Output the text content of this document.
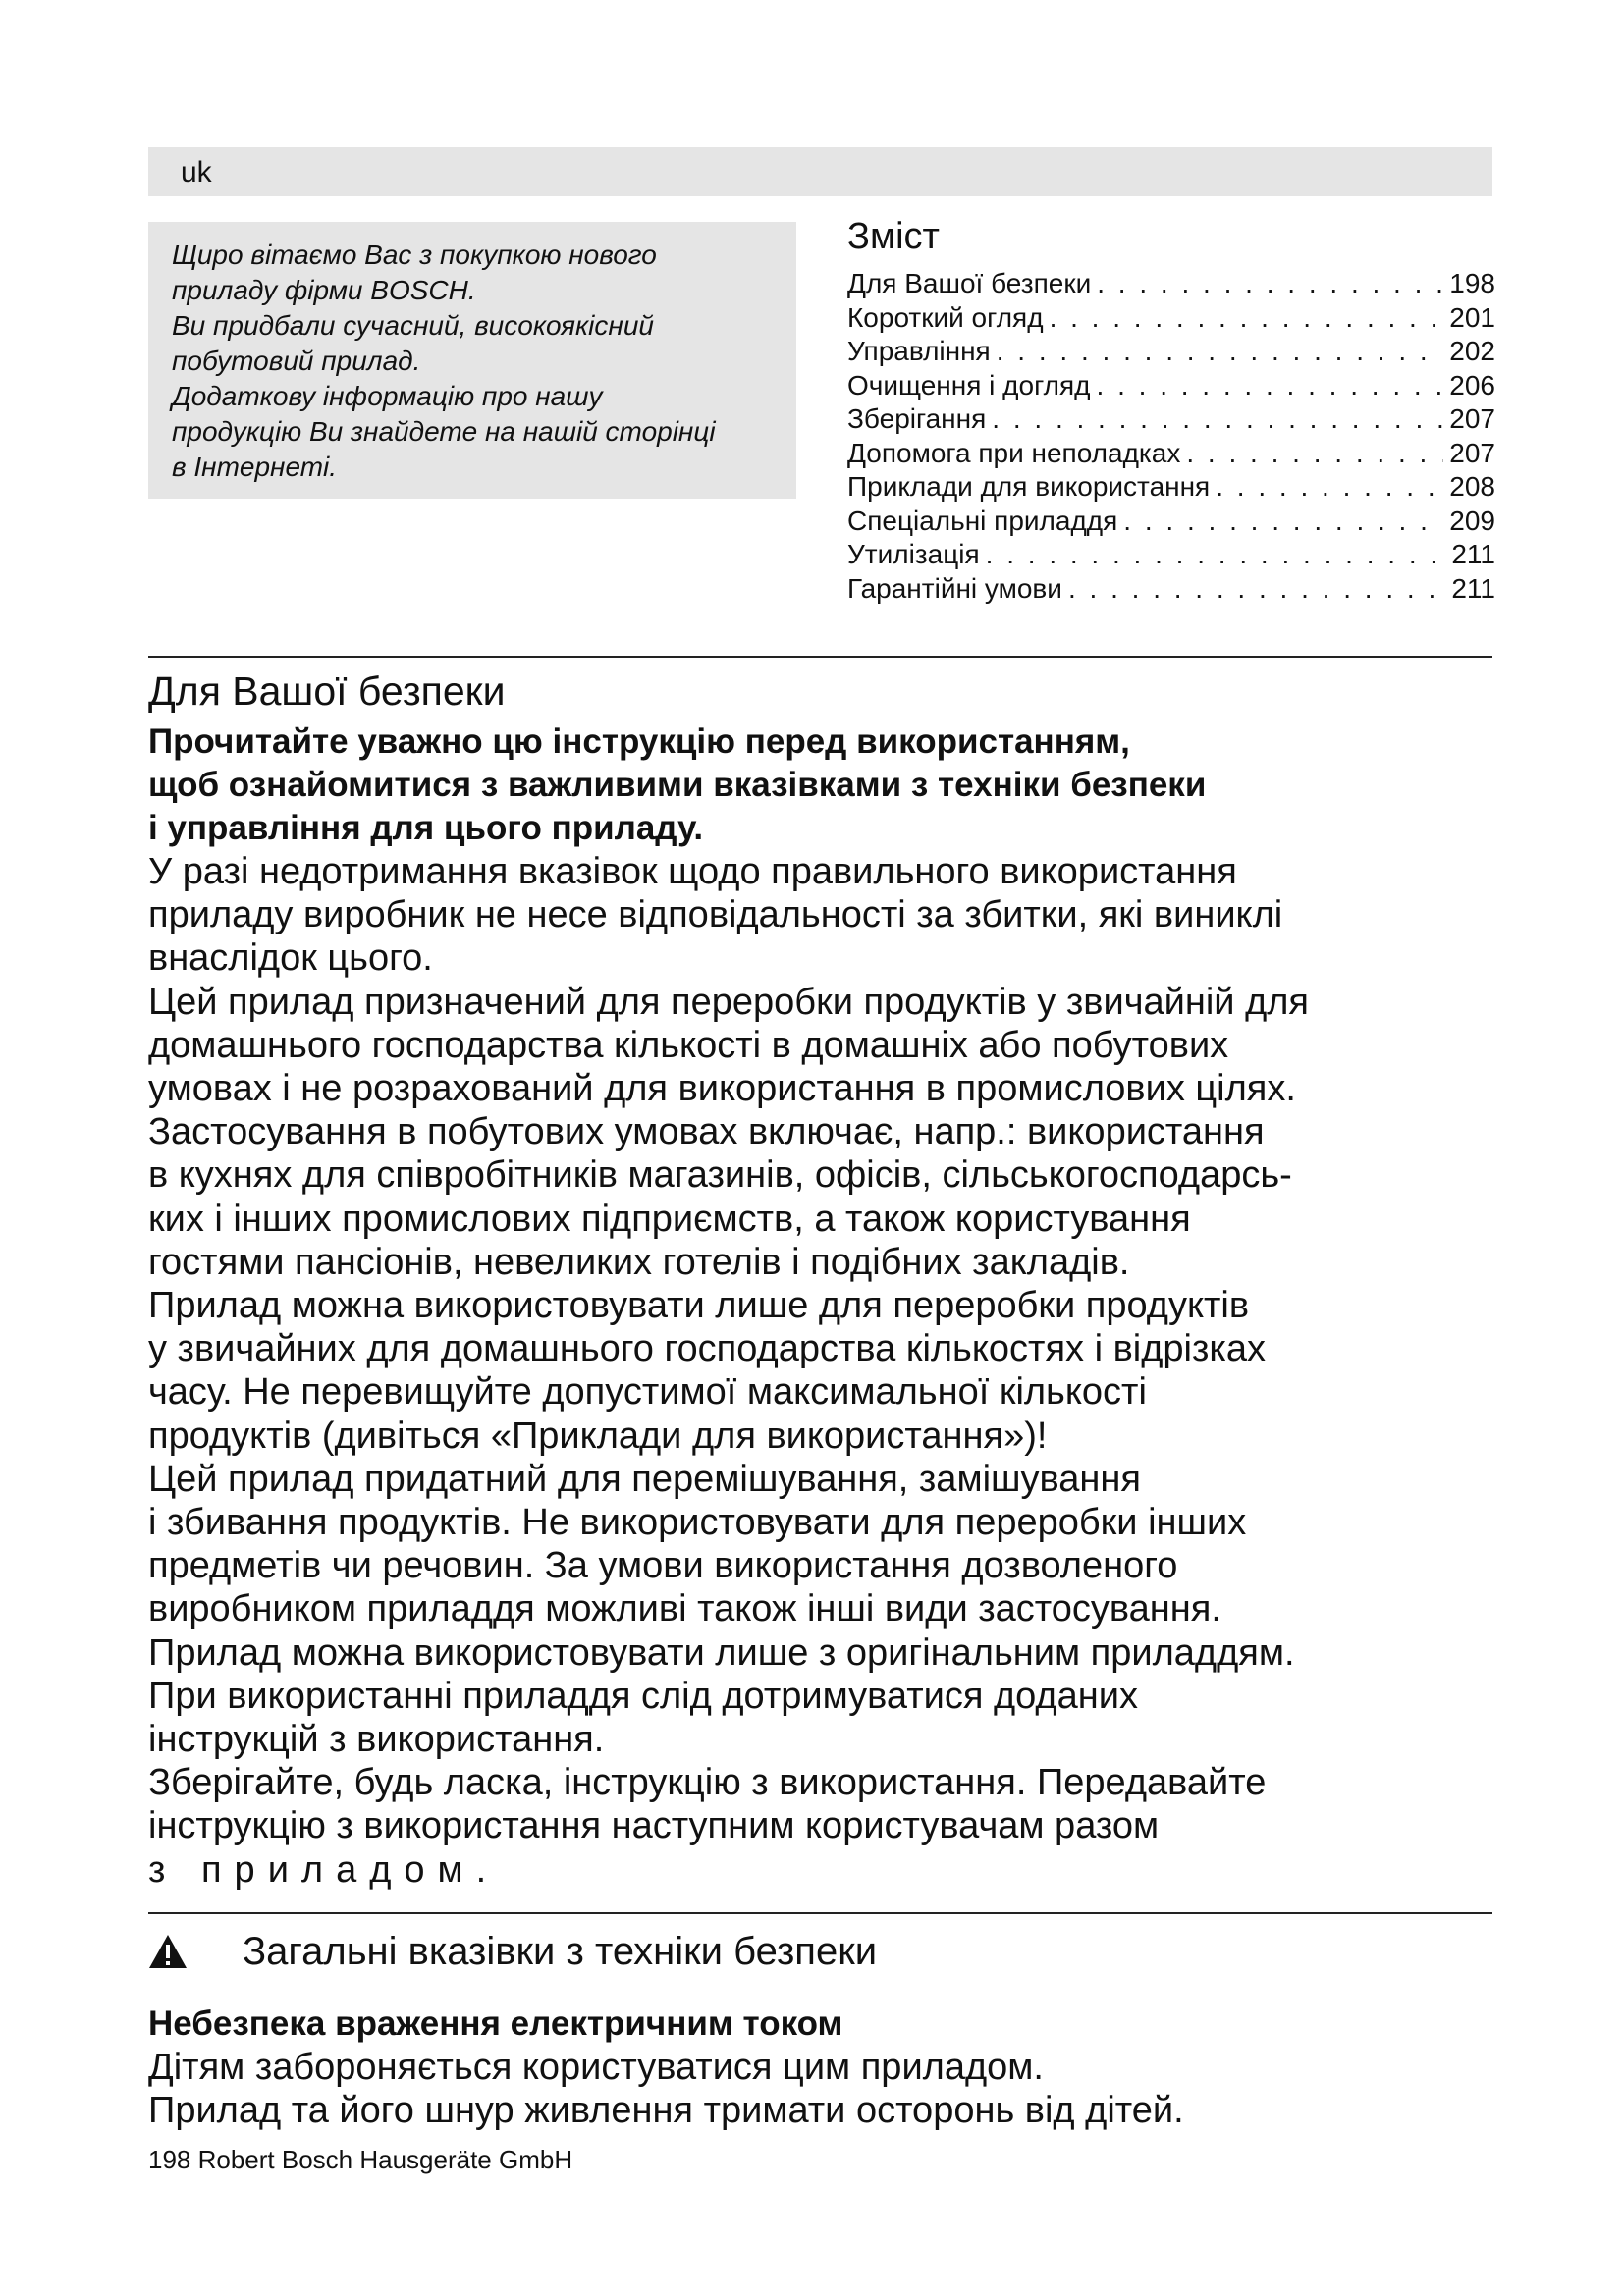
uk

Щиро вітаємо Вас з покупкою нового
приладу фірми BOSCH.
Ви придбали сучасний, високоякісний
побутовий прилад.
Додаткову інформацію про нашу
продукцію Ви знайдете на нашій сторінці
в Інтернеті.

Зміст
Для Вашої безпеки . . .	198
Короткий огляд . . .	201
Управління . . .	202
Очищення і догляд . . .	206
Зберігання . . .	207
Допомога при неполадках . . .	207
Приклади для використання . . .	208
Спеціальні приладдя . . .	209
Утилізація . . .	211
Гарантійні умови . . .	211
Для Вашої безпеки

Прочитайте уважно цю інструкцію перед використанням,
щоб ознайомитися з важливими вказівками з техніки безпеки
і управління для цього приладу.

У разі недотримання вказівок щодо правильного використання
приладу виробник не несе відповідальності за збитки, які виниклі
внаслідок цього.
Цей прилад призначений для переробки продуктів у звичайній для
домашнього господарства кількості в домашніх або побутових
умовах і не розрахований для використання в промислових цілях.
Застосування в побутових умовах включає, напр.: використання
в кухнях для співробітників магазинів, офісів, сільськогосподарсь-
ких і інших промислових підприємств, а також користування
гостями пансіонів, невеликих готелів і подібних закладів.
Прилад можна використовувати лише для переробки продуктів
у звичайних для домашнього господарства кількостях і відрізках
часу. Не перевищуйте допустимої максимальної кількості
продуктів (дивіться «Приклади для використання»)!
Цей прилад придатний для перемішування, замішування
і збивання продуктів. Не використовувати для переробки інших
предметів чи речовин. За умови використання дозволеного
виробником приладдя можливі також інші види застосування.
Прилад можна використовувати лише з оригінальним приладдям.
При використанні приладдя слід дотримуватися доданих
інструкцій з використання.
Зберігайте, будь ласка, інструкцію з використання. Передавайте
інструкцію з використання наступним користувачам разом

з приладом.

Загальні вказівки з техніки безпеки
Небезпека враження електричним током

Дітям забороняється користуватися цим приладом.
Прилад та його шнур живлення тримати осторонь від дітей.

198 Robert Bosch Hausgeräte GmbH
